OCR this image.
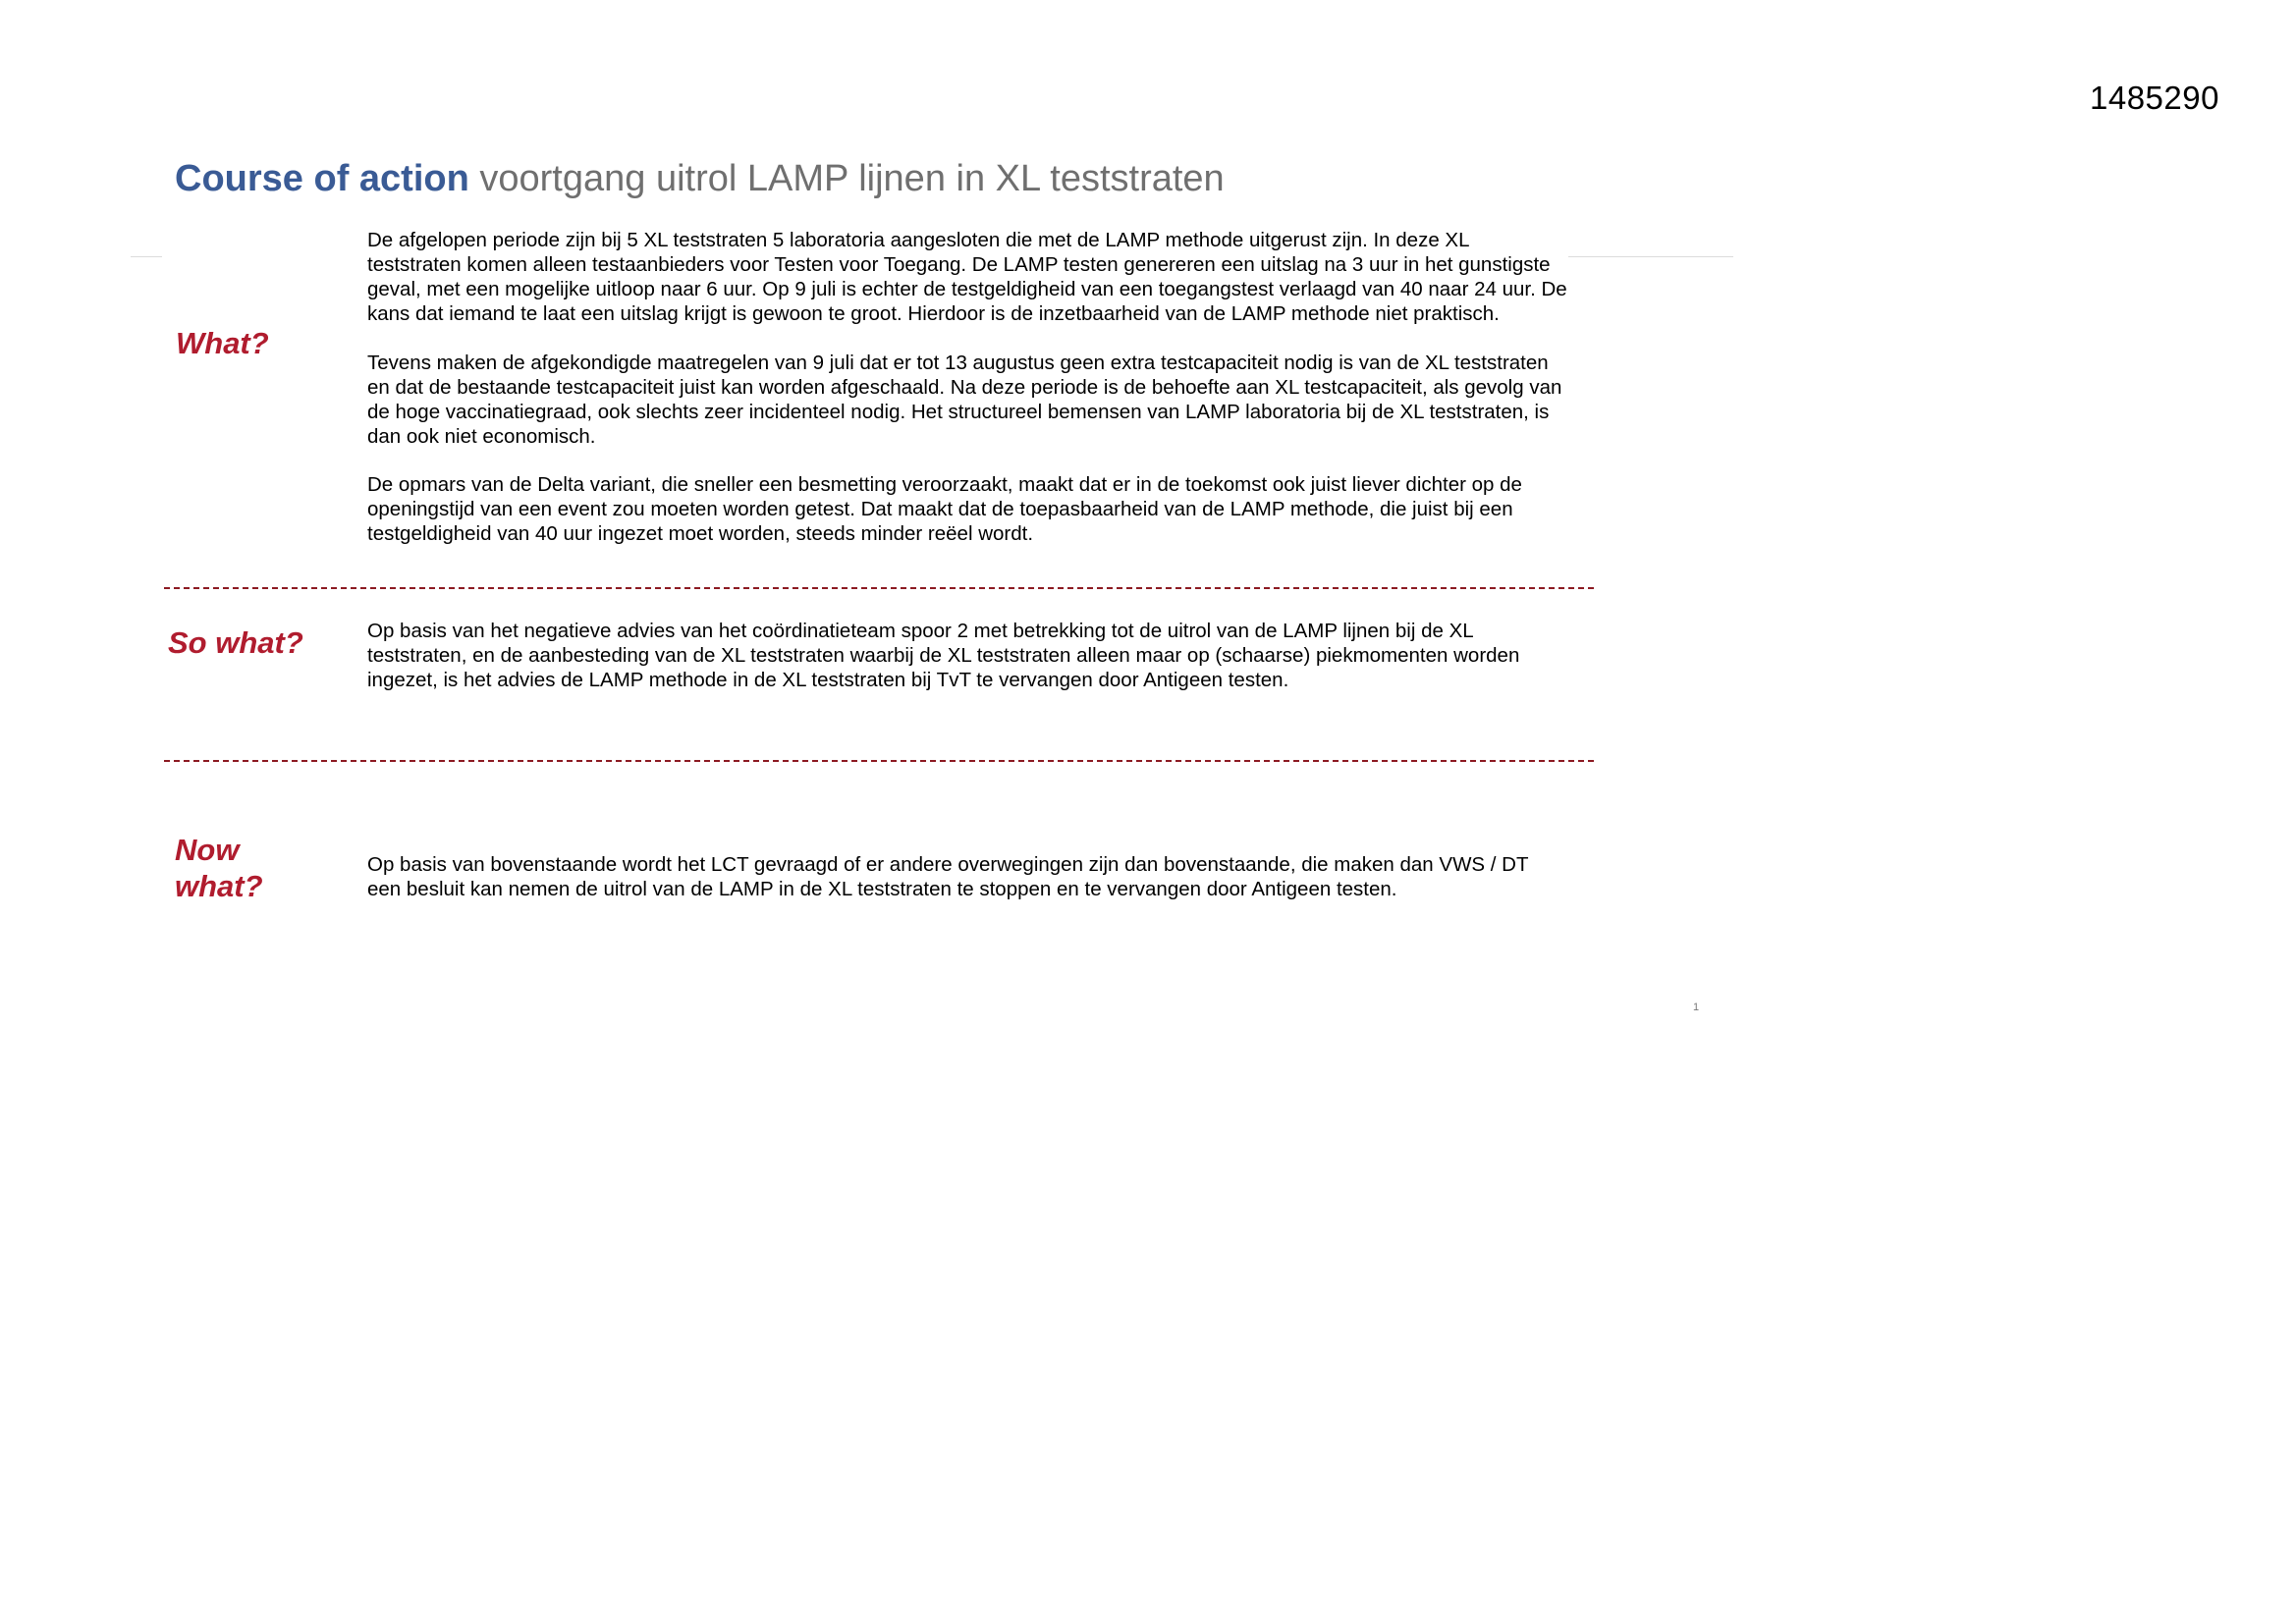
1485290
Course of action voortgang uitrol LAMP lijnen in XL teststraten
What?

De afgelopen periode zijn bij 5 XL teststraten 5 laboratoria aangesloten die met de LAMP methode uitgerust zijn. In deze XL teststraten komen alleen testaanbieders voor Testen voor Toegang. De LAMP testen genereren een uitslag na 3 uur in het gunstigste geval, met een mogelijke uitloop naar 6 uur. Op 9 juli is echter de testgeldigheid van een toegangstest verlaagd van 40 naar 24 uur. De kans dat iemand te laat een uitslag krijgt is gewoon te groot. Hierdoor is de inzetbaarheid van de LAMP methode niet praktisch.

Tevens maken de afgekondigde maatregelen van 9 juli dat er tot 13 augustus geen extra testcapaciteit nodig is van de XL teststraten en dat de bestaande testcapaciteit juist kan worden afgeschaald. Na deze periode is de behoefte aan XL testcapaciteit, als gevolg van de hoge vaccinatiegraad, ook slechts zeer incidenteel nodig. Het structureel bemensen van LAMP laboratoria bij de XL teststraten, is dan ook niet economisch.

De opmars van de Delta variant, die sneller een besmetting veroorzaakt, maakt dat er in de toekomst ook juist liever dichter op de openingstijd van een event zou moeten worden getest. Dat maakt dat de toepasbaarheid van de LAMP methode, die juist bij een testgeldigheid van 40 uur ingezet moet worden, steeds minder reëel wordt.

So what?	Op basis van het negatieve advies van het coördinatieteam spoor 2 met betrekking tot de uitrol van de LAMP lijnen bij de XL teststraten, en de aanbesteding van de XL teststraten waarbij de XL teststraten alleen maar op (schaarse) piekmomenten worden ingezet, is het advies de LAMP methode in de XL teststraten bij TvT te vervangen door Antigeen testen.

Now
what?

Op basis van bovenstaande wordt het LCT gevraagd of er andere overwegingen zijn dan bovenstaande, die maken dan VWS / DT een besluit kan nemen de uitrol van de LAMP in de XL teststraten te stoppen en te vervangen door Antigeen testen.

1
